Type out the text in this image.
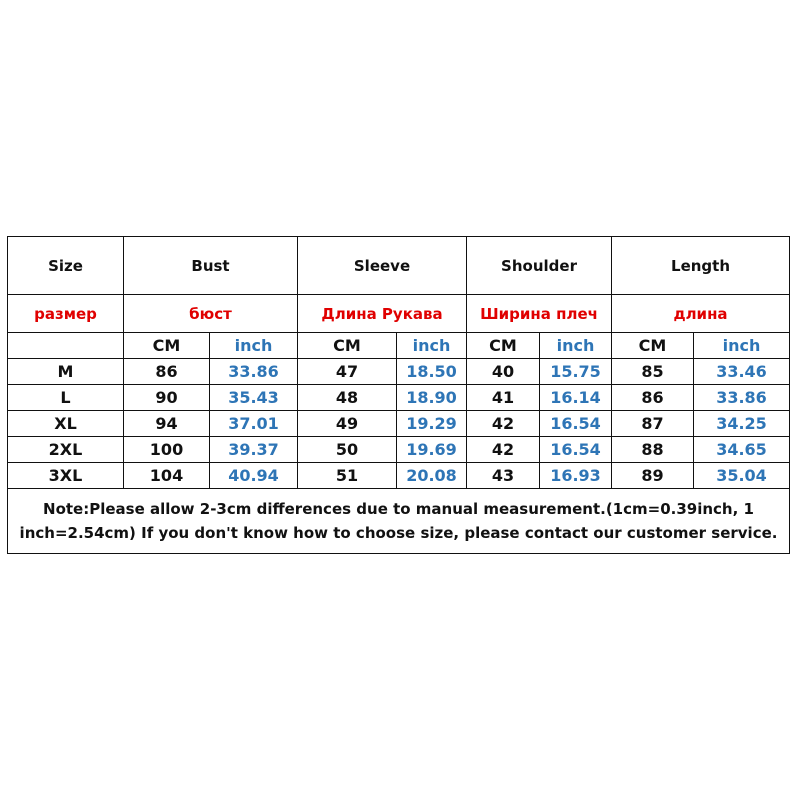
Size	Bust		Sleeve		Shoulder		Length	
размер	бюст		Длина Рукава		Ширина плеч		длина	
	CM	inch	CM	inch	CM	inch	CM	inch
M	86	33.86	47	18.50	40	15.75	85	33.46
L	90	35.43	48	18.90	41	16.14	86	33.86
XL	94	37.01	49	19.29	42	16.54	87	34.25
2XL	100	39.37	50	19.69	42	16.54	88	34.65
3XL	104	40.94	51	20.08	43	16.93	89	35.04
Note:Please allow 2-3cm differences due to manual measurement.(1cm=0.39inch, 1 inch=2.54cm) If you don't know how to choose size, please contact our customer service.								
